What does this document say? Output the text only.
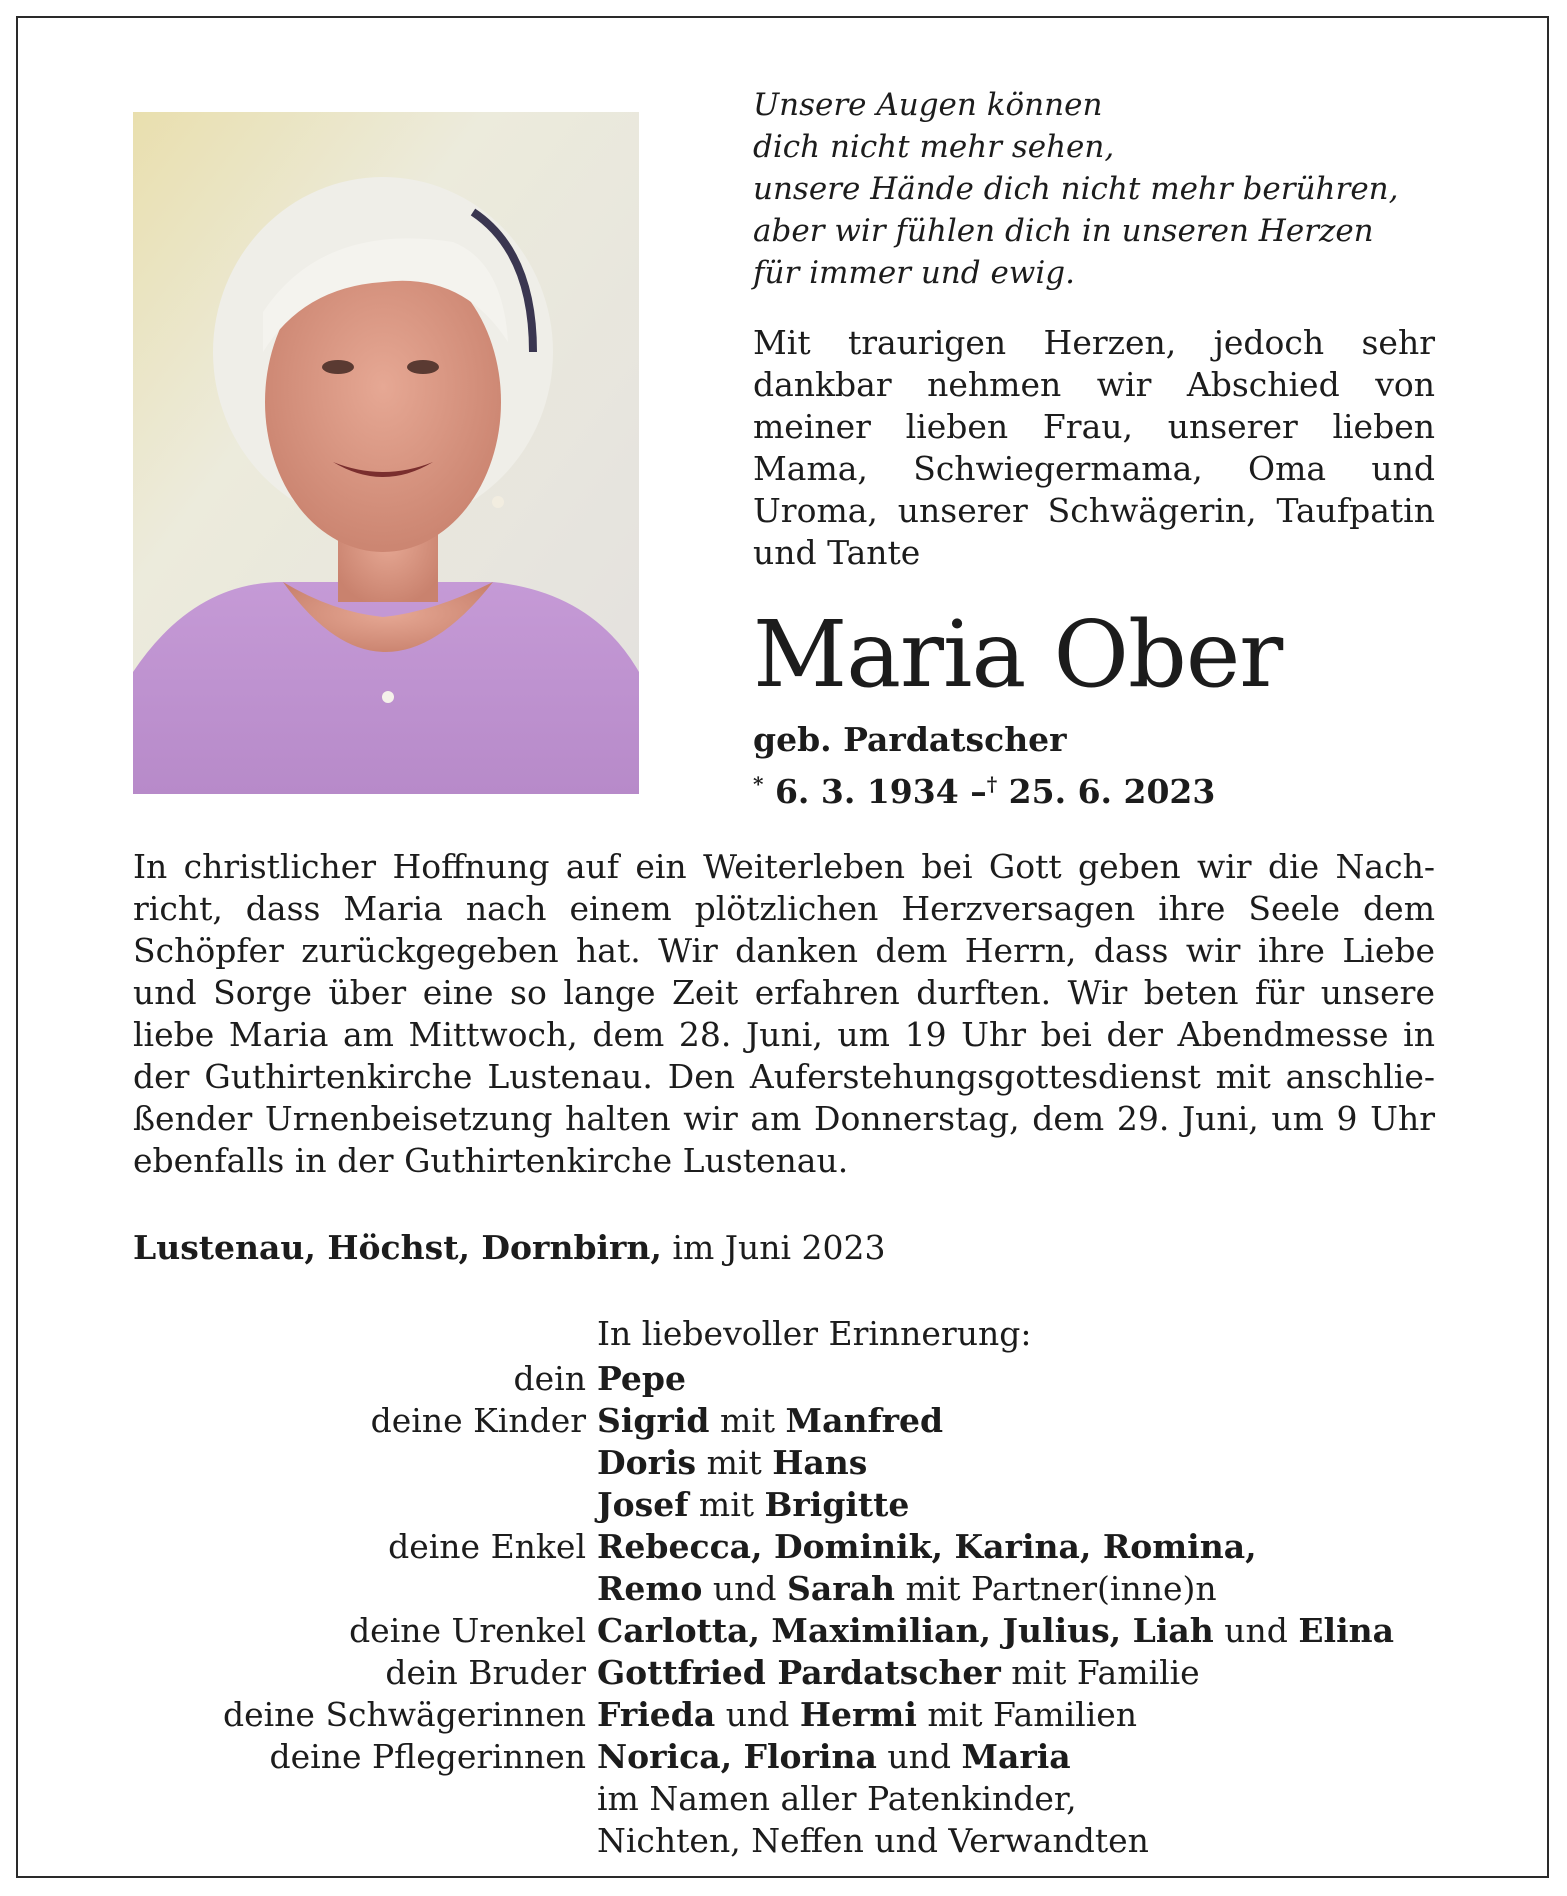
Unsere Augen können
dich nicht mehr sehen,
unsere Hände dich nicht mehr berühren,
aber wir fühlen dich in unseren Herzen
für immer und ewig.

Mit traurigen Herzen, jedoch sehr dankbar nehmen wir Abschied von meiner lieben Frau, unserer lieben Mama, Schwiegermama, Oma und Uroma, unserer Schwägerin, Taufpatin und Tante

Maria Ober

geb. Pardatscher

* 6. 3. 1934 –† 25. 6. 2023

In christlicher Hoffnung auf ein Weiterleben bei Gott geben wir die Nach-
richt, dass Maria nach einem plötzlichen Herzversagen ihre Seele dem
Schöpfer zurückgegeben hat. Wir danken dem Herrn, dass wir ihre Liebe
und Sorge über eine so lange Zeit erfahren durften. Wir beten für unsere
liebe Maria am Mittwoch, dem 28. Juni, um 19 Uhr bei der Abendmesse in
der Guthirtenkirche Lustenau. Den Auferstehungsgottesdienst mit anschlie-
ßender Urnenbeisetzung halten wir am Donnerstag, dem 29. Juni, um 9 Uhr
ebenfalls in der Guthirtenkirche Lustenau.

Lustenau, Höchst, Dornbirn, im Juni 2023

In liebevoller Erinnerung:

dein Pepe
deine Kinder Sigrid mit Manfred
Doris mit Hans
Josef mit Brigitte
deine Enkel Rebecca, Dominik, Karina, Romina,
Remo und Sarah mit Partner(inne)n
deine Urenkel Carlotta, Maximilian, Julius, Liah und Elina
dein Bruder Gottfried Pardatscher mit Familie
deine Schwägerinnen Frieda und Hermi mit Familien
deine Pflegerinnen Norica, Florina und Maria
im Namen aller Patenkinder,
Nichten, Neffen und Verwandten
